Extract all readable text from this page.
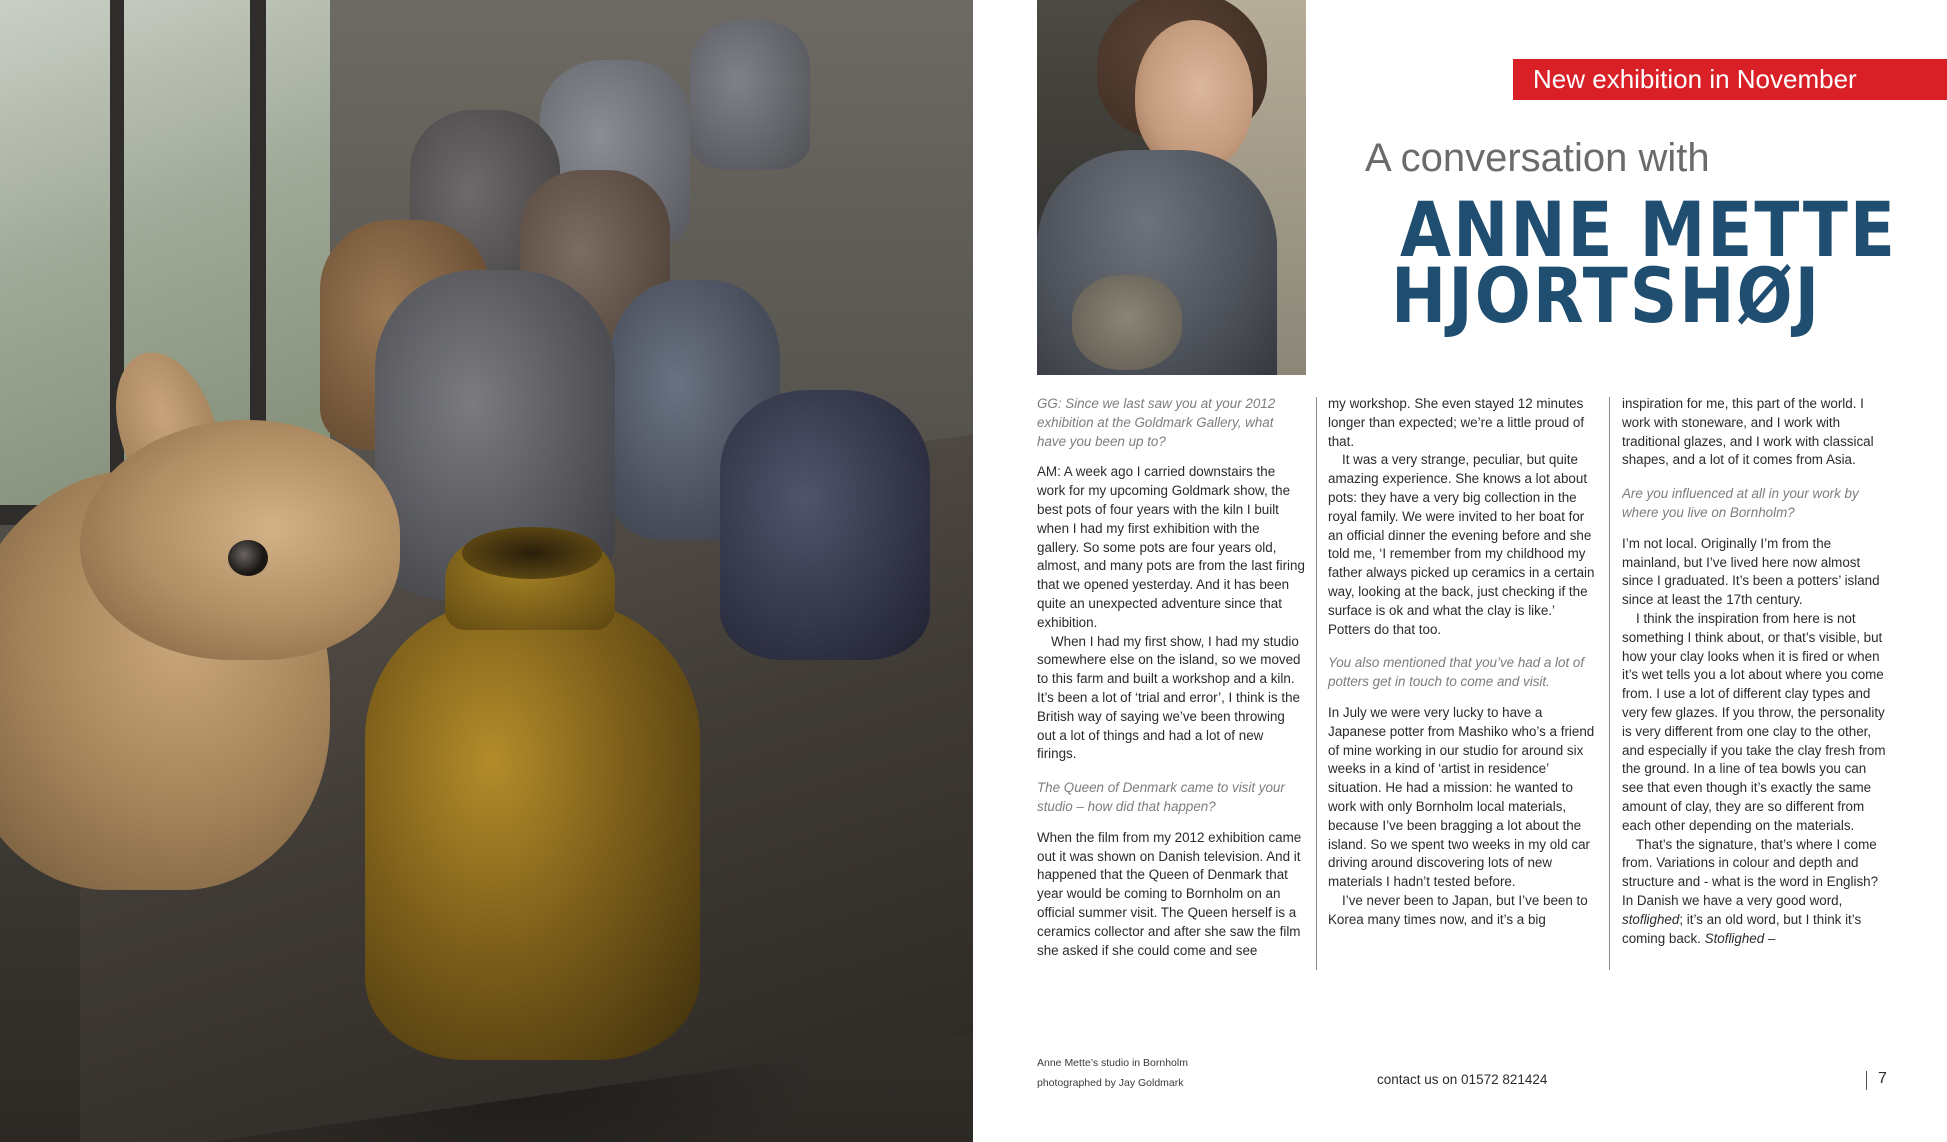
New exhibition in November
A conversation with
ANNE METTE
HJORTSHØJ

GG: Since we last saw you at your 2012 exhibition at the Goldmark Gallery, what have you been up to?

AM: A week ago I carried downstairs the work for my upcoming Goldmark show, the best pots of four years with the kiln I built when I had my first exhibition with the gallery. So some pots are four years old, almost, and many pots are from the last firing that we opened yesterday. And it has been quite an unexpected adventure since that exhibition.

When I had my first show, I had my studio somewhere else on the island, so we moved to this farm and built a workshop and a kiln. It’s been a lot of ‘trial and error’, I think is the British way of saying we’ve been throwing out a lot of things and had a lot of new firings.

The Queen of Denmark came to visit your studio – how did that happen?

When the film from my 2012 exhibition came out it was shown on Danish television. And it happened that the Queen of Denmark that year would be coming to Bornholm on an official summer visit. The Queen herself is a ceramics collector and after she saw the film she asked if she could come and see

my workshop. She even stayed 12 minutes longer than expected; we’re a little proud of that.

It was a very strange, peculiar, but quite amazing experience. She knows a lot about pots: they have a very big collection in the royal family. We were invited to her boat for an official dinner the evening before and she told me, ‘I remember from my childhood my father always picked up ceramics in a certain way, looking at the back, just checking if the surface is ok and what the clay is like.’ Potters do that too.

You also mentioned that you’ve had a lot of potters get in touch to come and visit.

In July we were very lucky to have a Japanese potter from Mashiko who’s a friend of mine working in our studio for around six weeks in a kind of ‘artist in residence’ situation. He had a mission: he wanted to work with only Bornholm local materials, because I’ve been bragging a lot about the island. So we spent two weeks in my old car driving around discovering lots of new materials I hadn’t tested before.

I’ve never been to Japan, but I’ve been to Korea many times now, and it’s a big

inspiration for me, this part of the world. I work with stoneware, and I work with traditional glazes, and I work with classical shapes, and a lot of it comes from Asia.

Are you influenced at all in your work by where you live on Bornholm?

I’m not local. Originally I’m from the mainland, but I’ve lived here now almost since I graduated. It’s been a potters’ island since at least the 17th century.

I think the inspiration from here is not something I think about, or that’s visible, but how your clay looks when it is fired or when it’s wet tells you a lot about where you come from. I use a lot of different clay types and very few glazes. If you throw, the personality is very different from one clay to the other, and especially if you take the clay fresh from the ground. In a line of tea bowls you can see that even though it’s exactly the same amount of clay, they are so different from each other depending on the materials.

That’s the signature, that’s where I come from. Variations in colour and depth and structure and - what is the word in English? In Danish we have a very good word, stoflighed; it’s an old word, but I think it’s coming back. Stoflighed –

Anne Mette’s studio in Bornholm
photographed by Jay Goldmark	contact us on 01572 821424	7
